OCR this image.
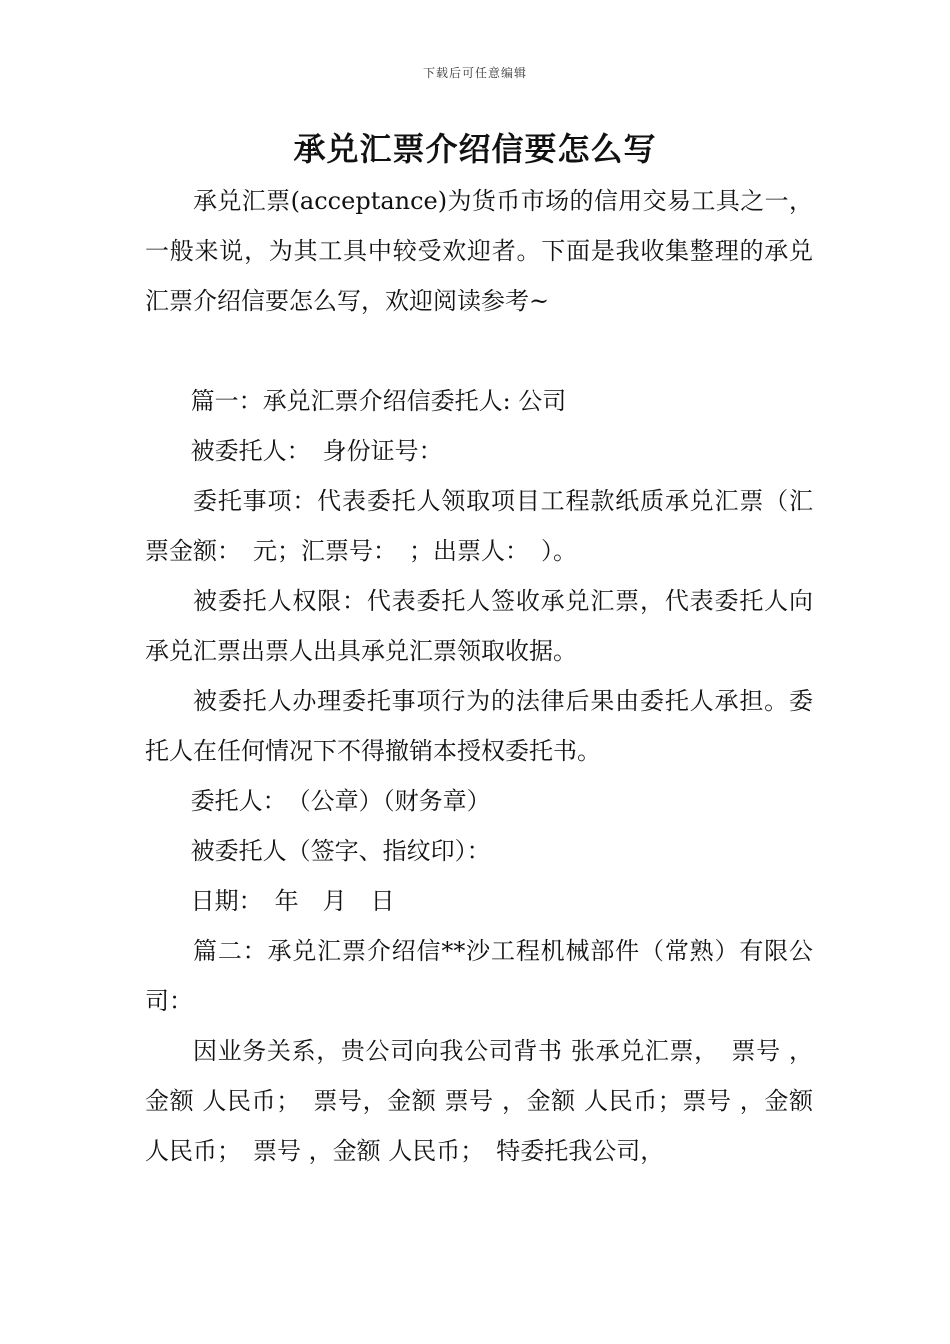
下载后可任意编辑
承兑汇票介绍信要怎么写

承兑汇票(acceptance)为货币市场的信用交易工具之一，一般来说，为其工具中较受欢迎者。下面是我收集整理的承兑汇票介绍信要怎么写，欢迎阅读参考~

篇一：承兑汇票介绍信委托人: 公司

被委托人：　身份证号：

委托事项：代表委托人领取项目工程款纸质承兑汇票（汇票金额：　元；汇票号：　；出票人：　）。

被委托人权限：代表委托人签收承兑汇票，代表委托人向承兑汇票出票人出具承兑汇票领取收据。

被委托人办理委托事项行为的法律后果由委托人承担。委托人在任何情况下不得撤销本授权委托书。

委托人：　（公章）（财务章）

被委托人（签字、指纹印）：

日期：　年　月　日

篇二：承兑汇票介绍信**沙工程机械部件（常熟）有限公司：

因业务关系，贵公司向我公司背书 张承兑汇票，　票号 ，金额 人民币；　票号，金额 票号 ，金额 人民币；票号 ，金额 人民币；　票号 ，金额 人民币；　特委托我公司，
